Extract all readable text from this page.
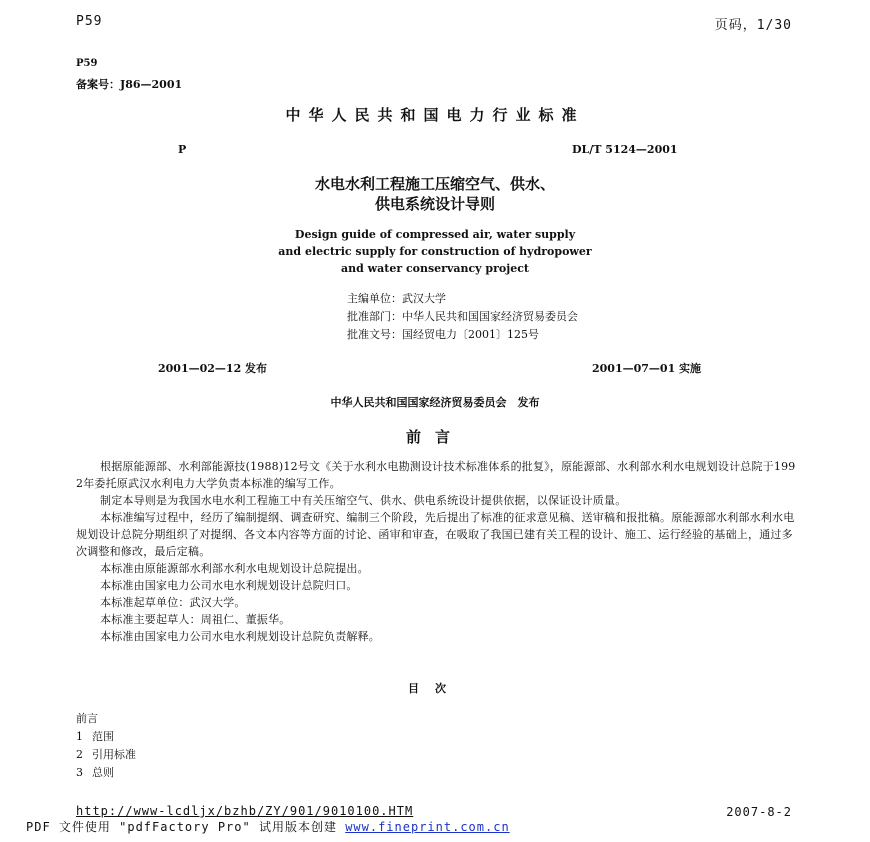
P59	页码，1/30
P59
备案号：J86—2001
中华人民共和国电力行业标准
P	DL/T 5124—2001
水电水利工程施工压缩空气、供水、
供电系统设计导则
Design guide of compressed air, water supply
and electric supply for construction of hydropower
and water conservancy project
主编单位：武汉大学
批准部门：中华人民共和国国家经济贸易委员会
批准文号：国经贸电力〔2001〕125号
2001—02—12 发布	2001—07—01 实施
中华人民共和国国家经济贸易委员会　发布
前言

根据原能源部、水利部能源技(1988)12号文《关于水利水电勘测设计技术标准体系的批复》，原能源部、水利部水利水电规划设计总院于1992年委托原武汉水利电力大学负责本标准的编写工作。

制定本导则是为我国水电水利工程施工中有关压缩空气、供水、供电系统设计提供依据，以保证设计质量。

本标准编写过程中，经历了编制提纲、调查研究、编制三个阶段，先后提出了标准的征求意见稿、送审稿和报批稿。原能源部水利部水利水电规划设计总院分期组织了对提纲、各文本内容等方面的讨论、函审和审查，在吸取了我国已建有关工程的设计、施工、运行经验的基础上，通过多次调整和修改，最后定稿。

本标准由原能源部水利部水利水电规划设计总院提出。

本标准由国家电力公司水电水利规划设计总院归口。

本标准起草单位：武汉大学。

本标准主要起草人：周祖仁、董振华。

本标准由国家电力公司水电水利规划设计总院负责解释。

目次
前言
1 范围
2 引用标准
3 总则
http://www-lcdljx/bzhb/ZY/901/9010100.HTM	2007-8-2
PDF 文件使用 "pdfFactory Pro" 试用版本创建 www.fineprint.com.cn
